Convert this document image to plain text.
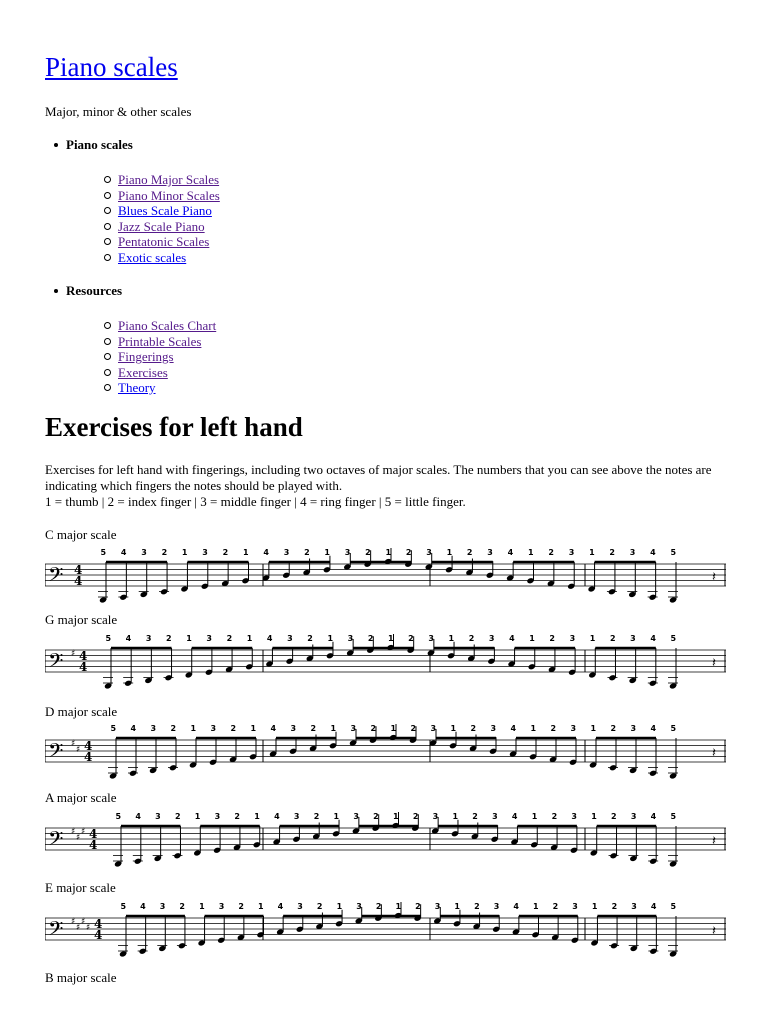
Piano scales

Major, minor & other scales

Piano scales
Piano Major Scales
Piano Minor Scales
Blues Scale Piano
Jazz Scale Piano
Pentatonic Scales
Exotic scales
Resources
Piano Scales Chart
Printable Scales
Fingerings
Exercises
Theory
Exercises for left hand

Exercises for left hand with fingerings, including two octaves of major scales. The numbers that you can see above the notes are indicating which fingers the notes should be played with.
1 = thumb | 2 = index finger | 3 = middle finger | 4 = ring finger | 5 = little finger.

C major scale
𝄢 4
4
5 4 3 2 1 3 2 1 4 3 2 1 3 2 1 2 3 1 2 3 4 1 2 3 1 2 3 4 5
𝄽
G major scale
𝄢 ♯ 4
4
5 4 3 2 1 3 2 1 4 3 2 1 3 2 1 2 3 1 2 3 4 1 2 3 1 2 3 4 5
𝄽
D major scale
𝄢 ♯
♯ 4
4
5 4 3 2 1 3 2 1 4 3 2 1 3 2 1 2 3 1 2 3 4 1 2 3 1 2 3 4 5
𝄽
A major scale
𝄢 ♯
♯
♯ 4
4
5 4 3 2 1 3 2 1 4 3 2 1 3 2 1 2 3 1 2 3 4 1 2 3 1 2 3 4 5
𝄽
E major scale
𝄢 ♯
♯
♯
♯ 4
4
5 4 3 2 1 3 2 1 4 3 2 1 3 2 1 2 3 1 2 3 4 1 2 3 1 2 3 4 5
𝄽
B major scale
